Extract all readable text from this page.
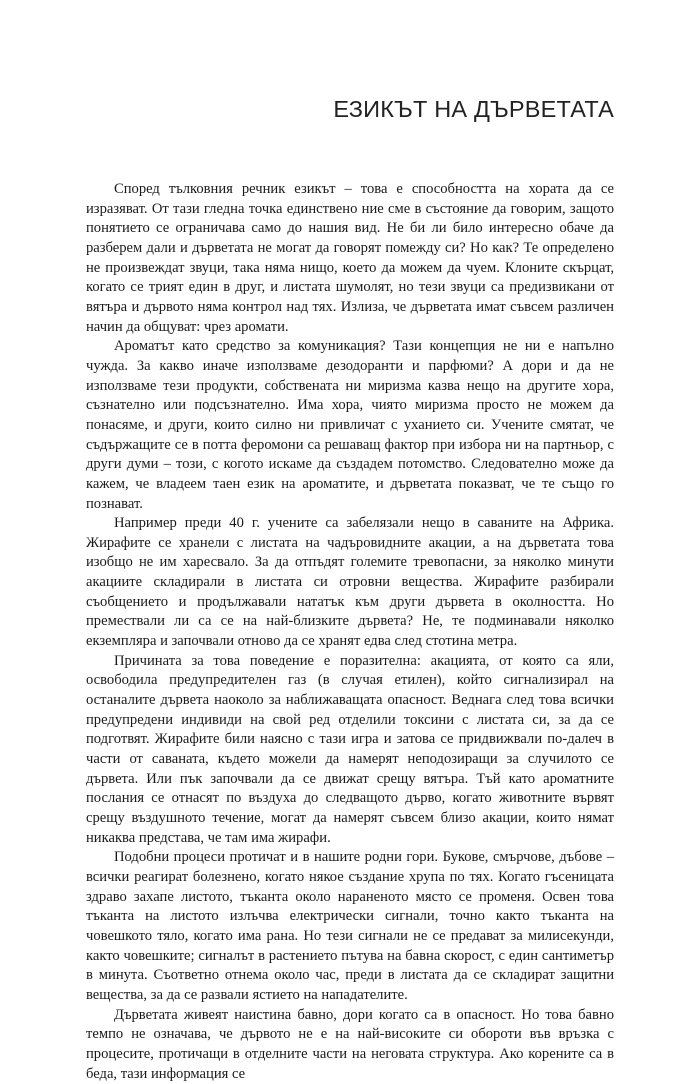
ЕЗИКЪТ НА ДЪРВЕТАТА

Според тълковния речник езикът – това е способността на хората да се изразяват. От тази гледна точка единствено ние сме в състояние да говорим, защото понятието се ограничава само до нашия вид. Не би ли било интересно обаче да разберем дали и дърветата не могат да говорят помежду си? Но как? Те определено не произвеждат звуци, така няма нищо, което да можем да чуем. Клоните скърцат, когато се трият един в друг, и листата шумолят, но тези звуци са предизвикани от вятъра и дървото няма контрол над тях. Излиза, че дърветата имат съвсем различен начин да общуват: чрез аромати.

Ароматът като средство за комуникация? Тази концепция не ни е напълно чужда. За какво иначе използваме дезодоранти и парфюми? А дори и да не използваме тези продукти, собствената ни миризма казва нещо на другите хора, съзнателно или подсъзнателно. Има хора, чиято миризма просто не можем да понасяме, и други, които силно ни привличат с уханието си. Учените смятат, че съдържащите се в потта феромони са решаващ фактор при избора ни на партньор, с други думи – този, с когото искаме да създадем потомство. Следователно може да кажем, че владеем таен език на ароматите, и дърветата показват, че те също го познават.

Например преди 40 г. учените са забелязали нещо в саваните на Африка. Жирафите се хранели с листата на чадъровидните акации, а на дърветата това изобщо не им харесвало. За да отпъдят големите тревопасни, за няколко минути акациите складирали в листата си отровни вещества. Жирафите разбирали съобщението и продължавали нататък към други дървета в околността. Но премествали ли са се на най-близките дървета? Не, те подминавали няколко екземпляра и започвали отново да се хранят едва след стотина метра.

Причината за това поведение е поразителна: акацията, от която са яли, освободила предупредителен газ (в случая етилен), който сигнализирал на останалите дървета наоколо за наближаващата опасност. Веднага след това всички предупредени индивиди на свой ред отделили токсини с листата си, за да се подготвят. Жирафите били наясно с тази игра и затова се придвижвали по-далеч в части от саваната, където можели да намерят неподозиращи за случилото се дървета. Или пък започвали да се движат срещу вятъра. Тъй като ароматните послания се отнасят по въздуха до следващото дърво, когато животните вървят срещу въздушното течение, могат да намерят съвсем близо акации, които нямат никаква представа, че там има жирафи.

Подобни процеси протичат и в нашите родни гори. Букове, смърчове, дъбове – всички реагират болезнено, когато някое създание хрупа по тях. Когато гъсеницата здраво захапе листото, тъканта около нараненото място се променя. Освен това тъканта на листото излъчва електрически сигнали, точно както тъканта на човешкото тяло, когато има рана. Но тези сигнали не се предават за милисекунди, както човешките; сигналът в растението пътува на бавна скорост, с един сантиметър в минута. Съответно отнема около час, преди в листата да се складират защитни вещества, за да се развали ястието на нападателите.

Дърветата живеят наистина бавно, дори когато са в опасност. Но това бавно темпо не означава, че дървото не е на най-високите си обороти във връзка с процесите, протичащи в отделните части на неговата структура. Ако корените са в беда, тази информация се
